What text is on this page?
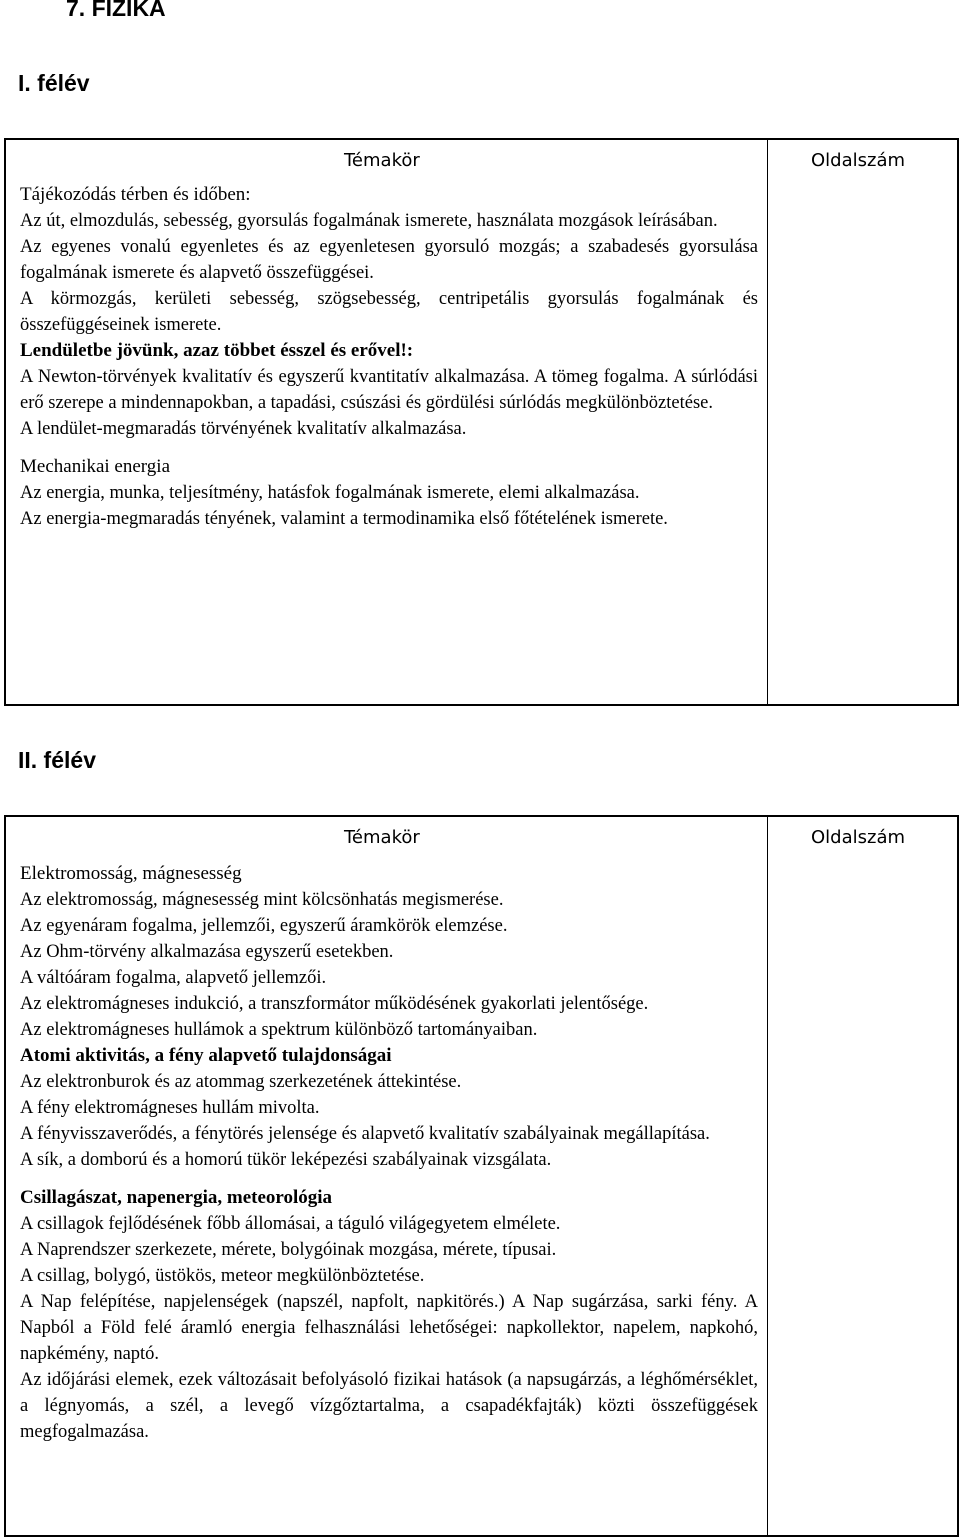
7. FIZIKA
I. félév
Témakör	Oldalszám
Tájékozódás térben és időben:
Az út, elmozdulás, sebesség, gyorsulás fogalmának ismerete, használata mozgások leírásában.
Az egyenes vonalú egyenletes és az egyenletesen gyorsuló mozgás; a szabadesés gyorsulása fogalmának ismerete és alapvető összefüggései.
A körmozgás, kerületi sebesség, szögsebesség, centripetális gyorsulás fogalmának és összefüggéseinek ismerete.
Lendületbe jövünk, azaz többet ésszel és erővel!:
A Newton-törvények kvalitatív és egyszerű kvantitatív alkalmazása. A tömeg fogalma. A súrlódási erő szerepe a mindennapokban, a tapadási, csúszási és gördülési súrlódás megkülönböztetése.
A lendület-megmaradás törvényének kvalitatív alkalmazása.
Mechanikai energia
Az energia, munka, teljesítmény, hatásfok fogalmának ismerete, elemi alkalmazása.
Az energia-megmaradás tényének, valamint a termodinamika első főtételének ismerete.
II. félév
Témakör	Oldalszám
Elektromosság, mágnesesség
Az elektromosság, mágnesesség mint kölcsönhatás megismerése.
Az egyenáram fogalma, jellemzői, egyszerű áramkörök elemzése.
Az Ohm-törvény alkalmazása egyszerű esetekben.
A váltóáram fogalma, alapvető jellemzői.
Az elektromágneses indukció, a transzformátor működésének gyakorlati jelentősége.
Az elektromágneses hullámok a spektrum különböző tartományaiban.
Atomi aktivitás, a fény alapvető tulajdonságai
Az elektronburok és az atommag szerkezetének áttekintése.
A fény elektromágneses hullám mivolta.
A fényvisszaverődés, a fénytörés jelensége és alapvető kvalitatív szabályainak megállapítása.
A sík, a domború és a homorú tükör leképezési szabályainak vizsgálata.
Csillagászat, napenergia, meteorológia
A csillagok fejlődésének főbb állomásai, a táguló világegyetem elmélete.
A Naprendszer szerkezete, mérete, bolygóinak mozgása, mérete, típusai.
A csillag, bolygó, üstökös, meteor megkülönböztetése.
A Nap felépítése, napjelenségek (napszél, napfolt, napkitörés.) A Nap sugárzása, sarki fény. A Napból a Föld felé áramló energia felhasználási lehetőségei: napkollektor, napelem, napkohó, napkémény, naptó.
Az időjárási elemek, ezek változásait befolyásoló fizikai hatások (a napsugárzás, a léghőmérséklet, a légnyomás, a szél, a levegő vízgőztartalma, a csapadékfajták) közti összefüggések megfogalmazása.
